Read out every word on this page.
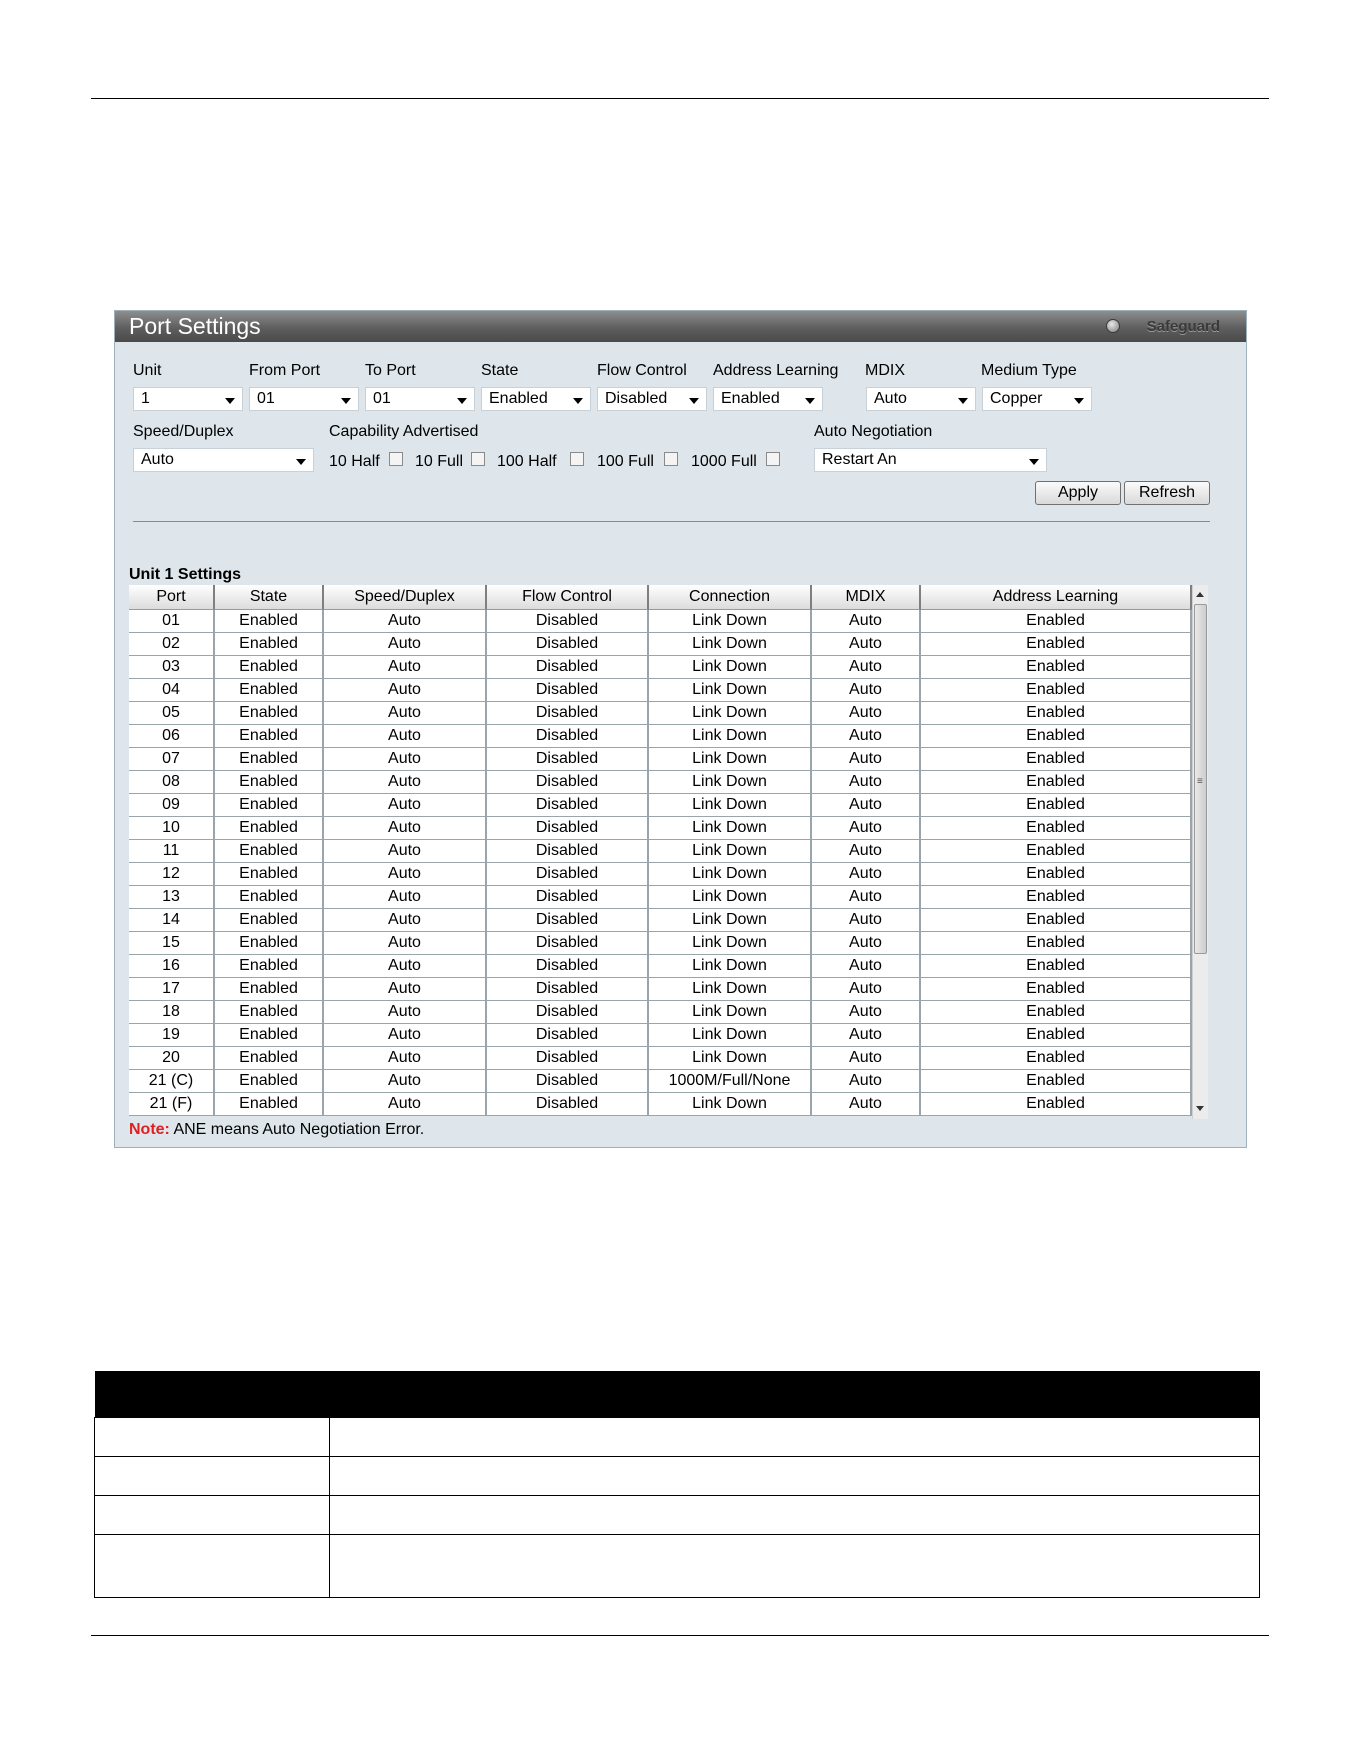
Port Settings	Safeguard
Unit	From Port	To Port	State	Flow Control Address Learning MDIX	Medium Type
1	01	01	Enabled	Disabled	Enabled	Auto	Copper
Speed/Duplex	Capability Advertised	Auto Negotiation
Auto	10 Half 10 Full 100 Half	100 Full 1000 Full	Restart An
Apply	Refresh
Unit 1 Settings
Port	State	Speed/Duplex	Flow Control	Connection	MDIX	Address Learning
01	Enabled	Auto	Disabled	Link Down	Auto	Enabled
02	Enabled	Auto	Disabled	Link Down	Auto	Enabled
03	Enabled	Auto	Disabled	Link Down	Auto	Enabled
04	Enabled	Auto	Disabled	Link Down	Auto	Enabled
05	Enabled	Auto	Disabled	Link Down	Auto	Enabled
06	Enabled	Auto	Disabled	Link Down	Auto	Enabled
07	Enabled	Auto	Disabled	Link Down	Auto	Enabled
08	Enabled	Auto	Disabled	Link Down	Auto	Enabled
09	Enabled	Auto	Disabled	Link Down	Auto	Enabled
10	Enabled	Auto	Disabled	Link Down	Auto	Enabled
11	Enabled	Auto	Disabled	Link Down	Auto	Enabled
12	Enabled	Auto	Disabled	Link Down	Auto	Enabled
13	Enabled	Auto	Disabled	Link Down	Auto	Enabled
14	Enabled	Auto	Disabled	Link Down	Auto	Enabled
15	Enabled	Auto	Disabled	Link Down	Auto	Enabled
16	Enabled	Auto	Disabled	Link Down	Auto	Enabled
17	Enabled	Auto	Disabled	Link Down	Auto	Enabled
18	Enabled	Auto	Disabled	Link Down	Auto	Enabled
19	Enabled	Auto	Disabled	Link Down	Auto	Enabled
20	Enabled	Auto	Disabled	Link Down	Auto	Enabled
21 (C)	Enabled	Auto	Disabled	1000M/Full/None	Auto	Enabled
21 (F)	Enabled	Auto	Disabled	Link Down	Auto	Enabled
≡
Note: ANE means Auto Negotiation Error.
